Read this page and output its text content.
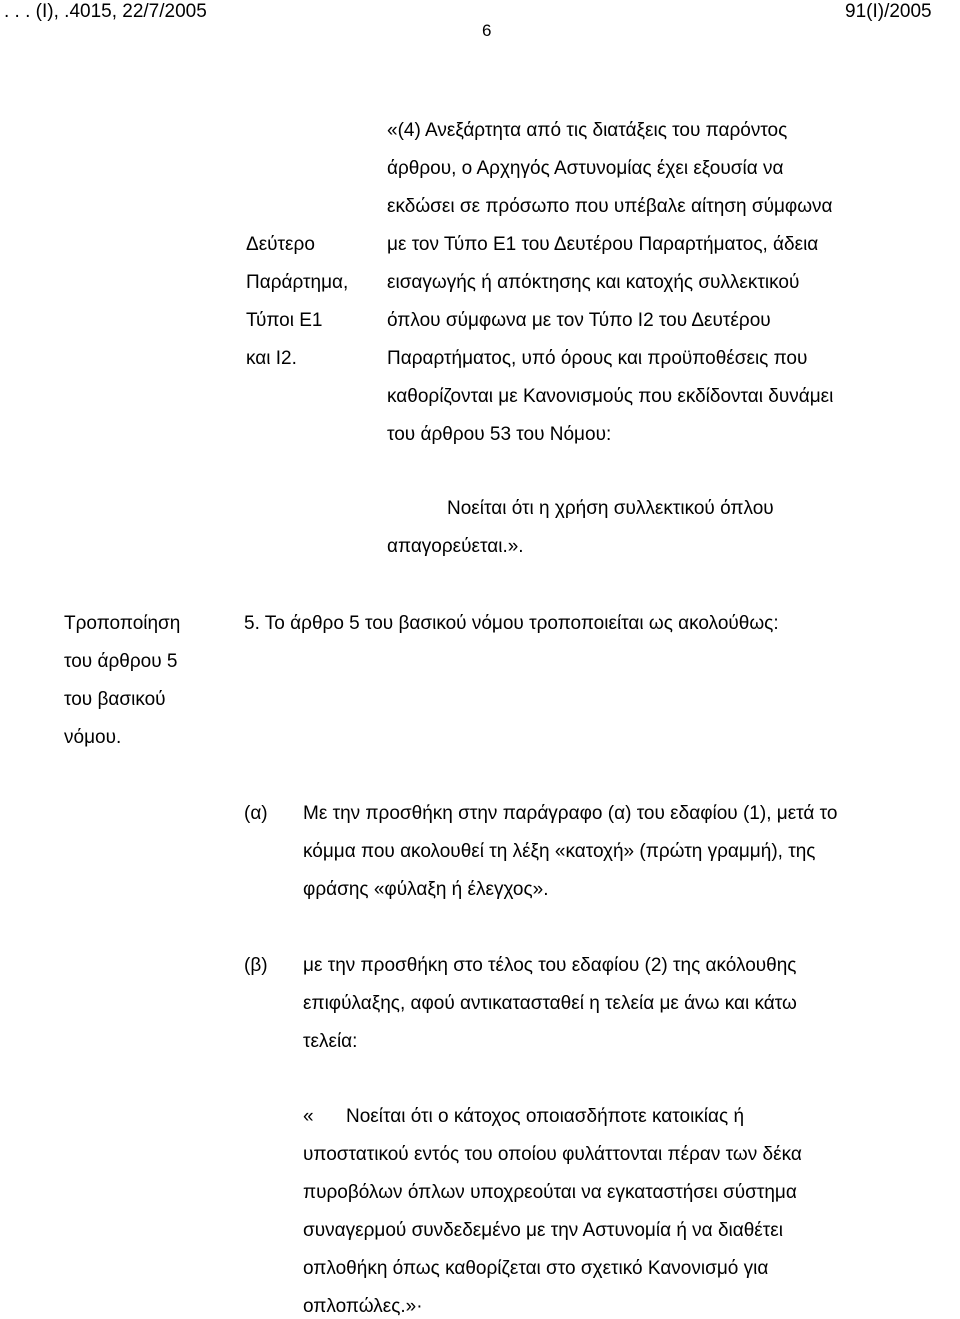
. . . (Ι), .4015, 22/7/2005
6
91(Ι)/2005
Δεύτερο
Παράρτημα,
Τύποι Ε1
και Ι2.
«(4) Ανεξάρτητα από τις διατάξεις του παρόντος
άρθρου, ο Αρχηγός Αστυνομίας έχει εξουσία να
εκδώσει σε πρόσωπο που υπέβαλε αίτηση σύμφωνα
με τον Τύπο Ε1 του Δευτέρου Παραρτήματος, άδεια
εισαγωγής ή απόκτησης και κατοχής συλλεκτικού
όπλου σύμφωνα με τον Τύπο Ι2 του Δευτέρου
Παραρτήματος, υπό όρους και προϋποθέσεις που
καθορίζονται με Κανονισμούς που εκδίδονται δυνάμει
του άρθρου 53 του Νόμου:
Νοείται ότι η χρήση συλλεκτικού όπλου
απαγορεύεται.».
Τροποποίηση
του άρθρου 5
του βασικού
νόμου.
5. Το άρθρο 5 του βασικού νόμου τροποποιείται ως ακολούθως:
(α) Με την προσθήκη στην παράγραφο (α) του εδαφίου (1), μετά το
κόμμα που ακολουθεί τη λέξη «κατοχή» (πρώτη γραμμή), της
φράσης «φύλαξη ή έλεγχος».
(β) με την προσθήκη στο τέλος του εδαφίου (2) της ακόλουθης
επιφύλαξης, αφού αντικατασταθεί η τελεία με άνω και κάτω
τελεία:
« Νοείται ότι ο κάτοχος οποιασδήποτε κατοικίας ή
υποστατικού εντός του οποίου φυλάττονται πέραν των δέκα
πυροβόλων όπλων υποχρεούται να εγκαταστήσει σύστημα
συναγερμού συνδεδεμένο με την Αστυνομία ή να διαθέτει
οπλοθήκη όπως καθορίζεται στο σχετικό Κανονισμό για
οπλοπώλες.»·
